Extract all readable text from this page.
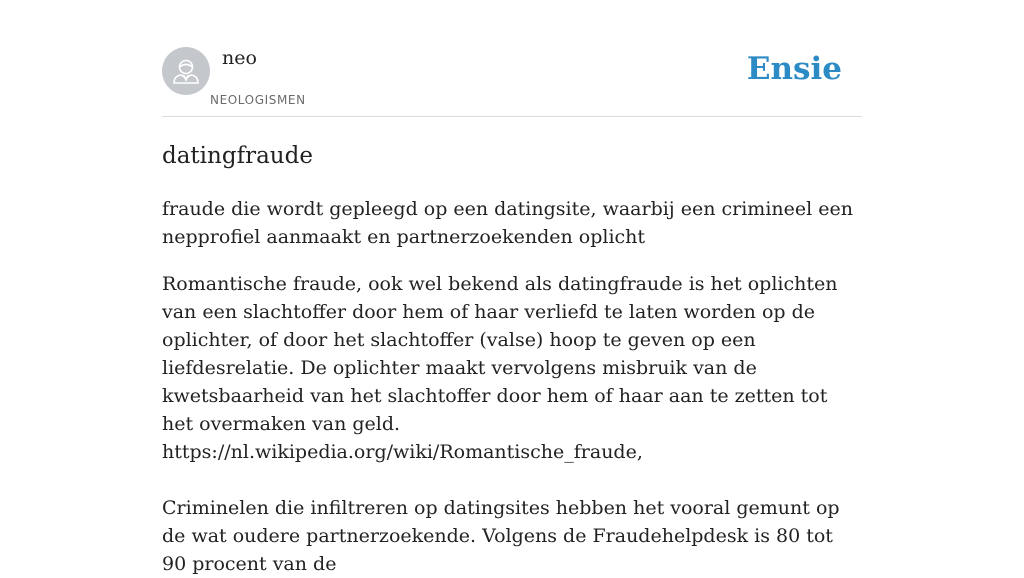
neo
NEOLOGISMEN
Ensie
datingfraude
fraude die wordt gepleegd op een datingsite, waarbij een crimineel een nepprofiel aanmaakt en partnerzoekenden oplicht

Romantische fraude, ook wel bekend als datingfraude is het oplichten van een slachtoffer door hem of haar verliefd te laten worden op de oplichter, of door het slachtoffer (valse) hoop te geven op een liefdesrelatie. De oplichter maakt vervolgens misbruik van de kwetsbaarheid van het slachtoffer door hem of haar aan te zetten tot het overmaken van geld.

https://nl.wikipedia.org/wiki/Romantische_fraude,

Criminelen die infiltreren op datingsites hebben het vooral gemunt op de wat oudere partnerzoekende. Volgens de Fraudehelpdesk is 80 tot 90 procent van de
